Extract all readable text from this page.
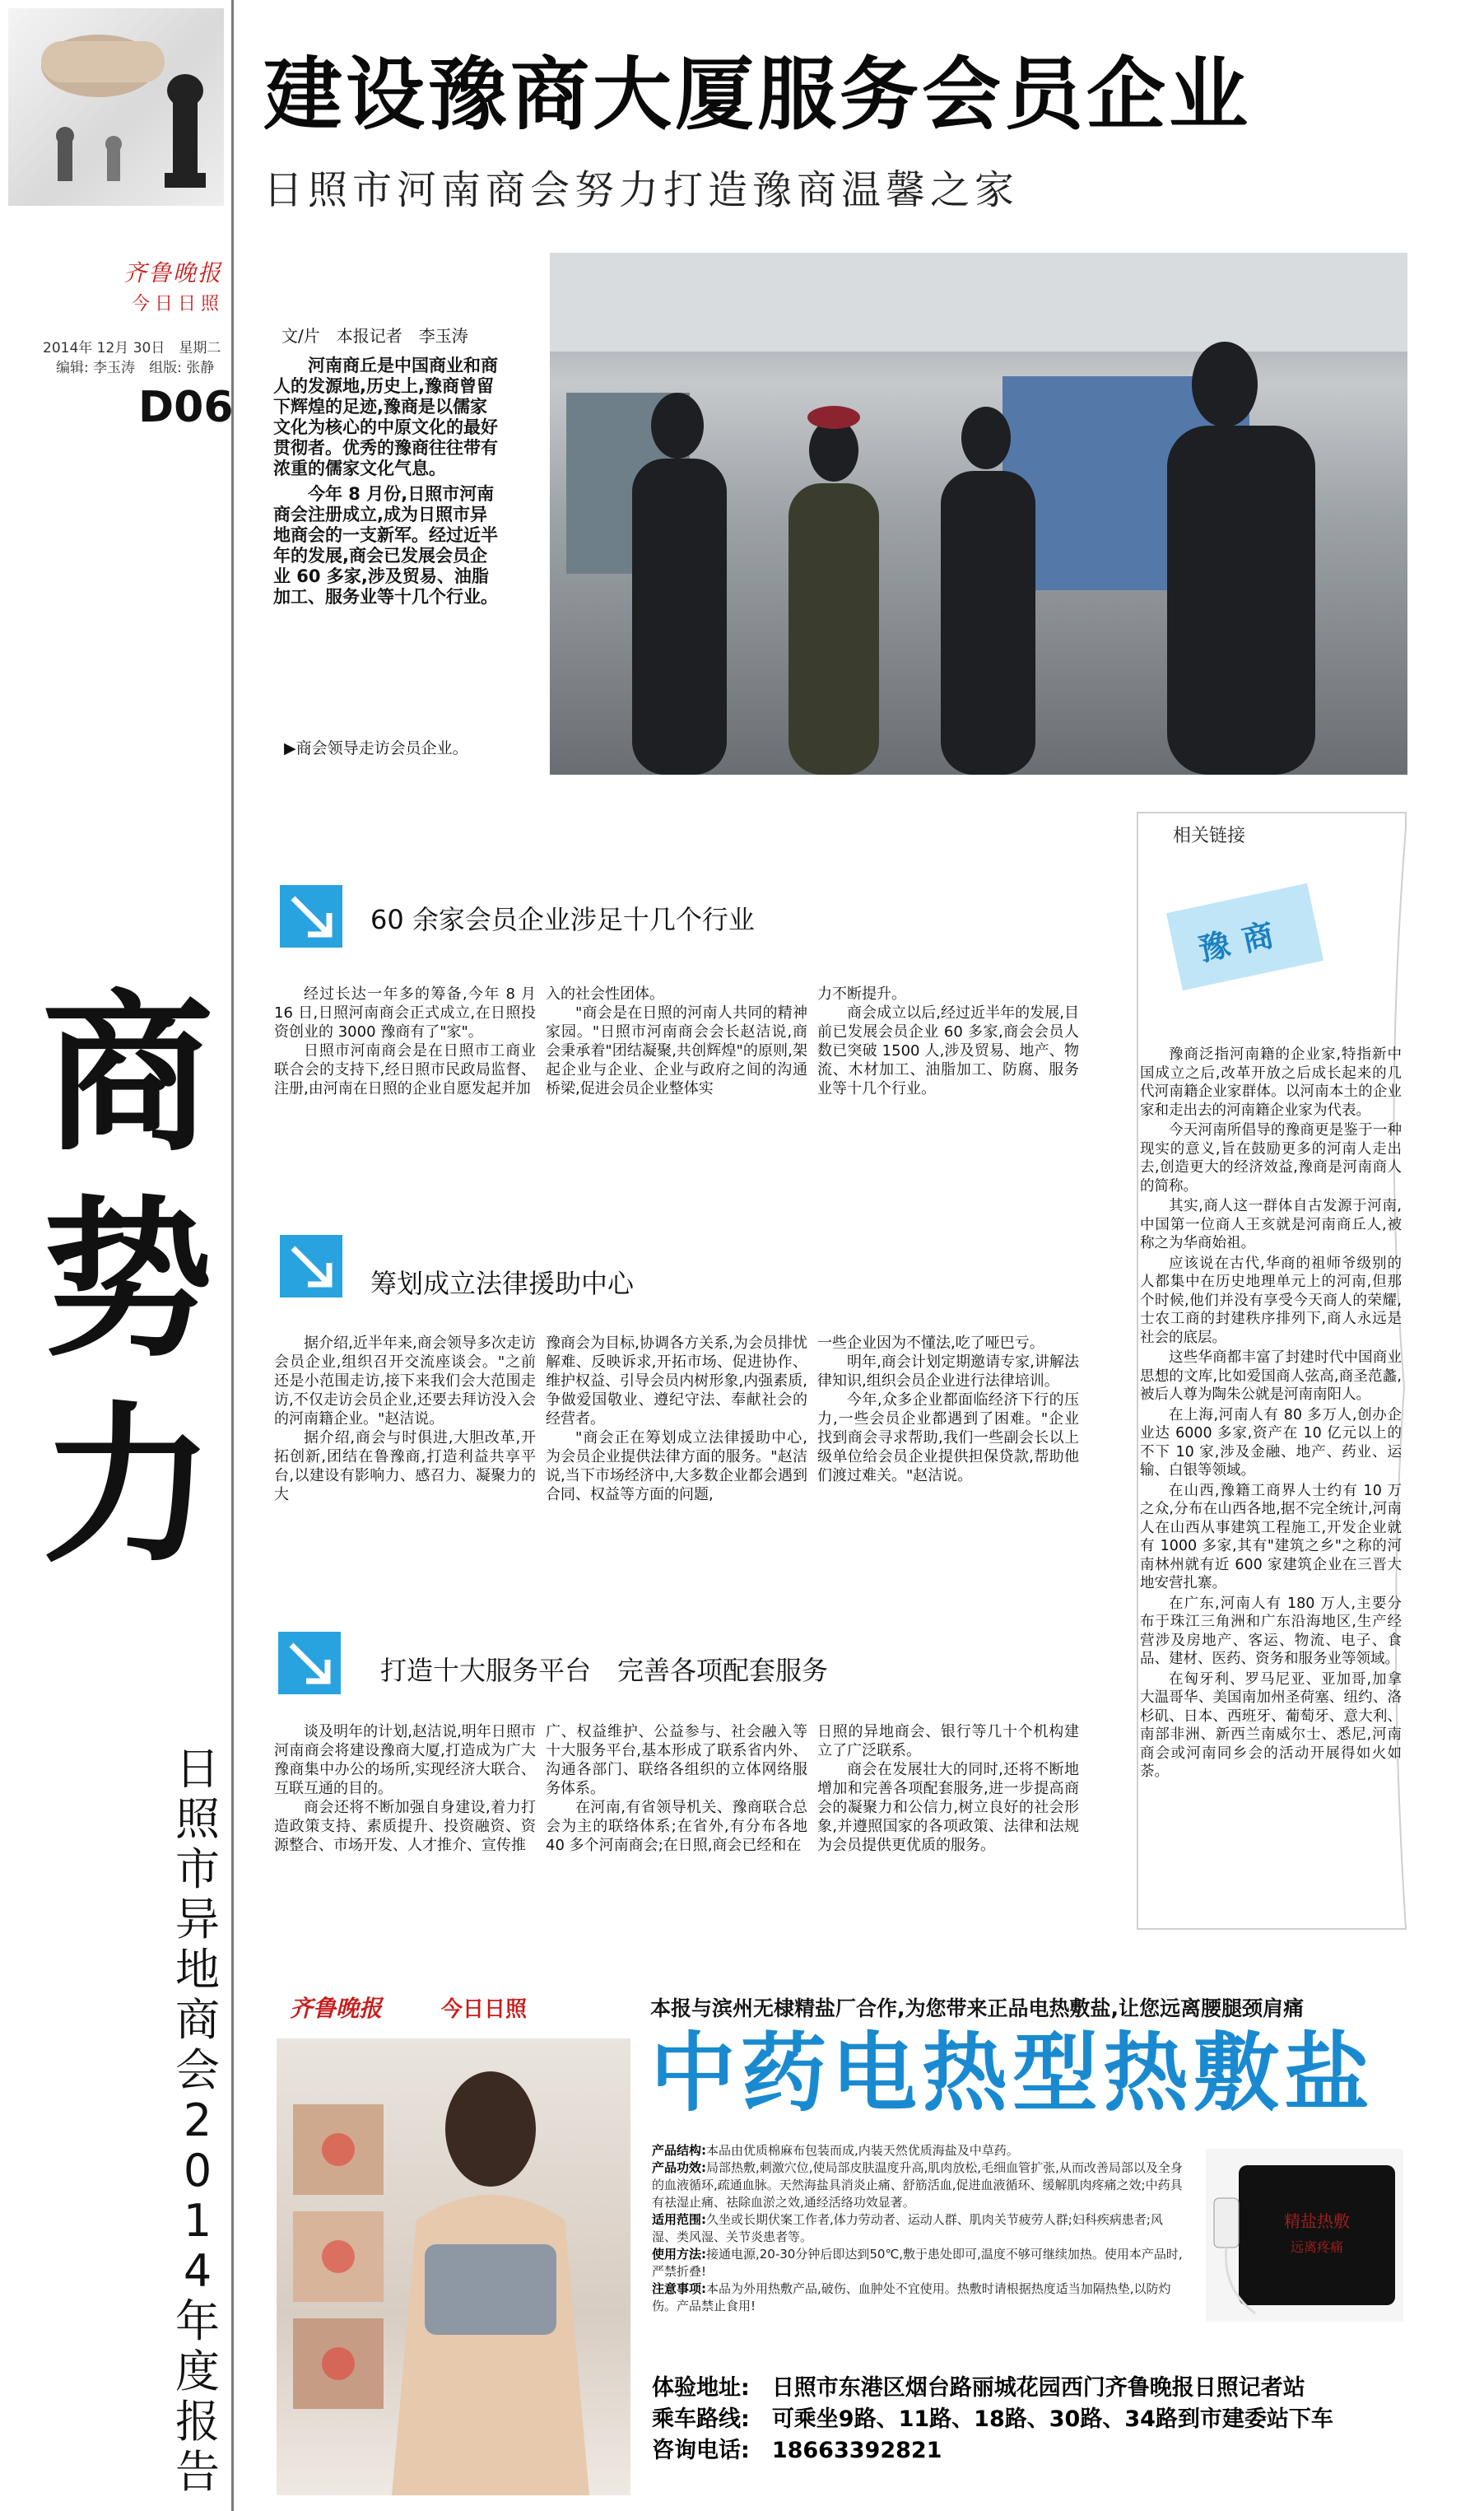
齐鲁晚报
今日日照
2014年 12月 30日　星期二
编辑: 李玉涛　组版: 张静
D06
商势力
日照市异地商会2014年度报告
建设豫商大厦服务会员企业
日照市河南商会努力打造豫商温馨之家
文/片　本报记者　李玉涛

河南商丘是中国商业和商人的发源地,历史上,豫商曾留下辉煌的足迹,豫商是以儒家文化为核心的中原文化的最好贯彻者。优秀的豫商往往带有浓重的儒家文化气息。

今年 8 月份,日照市河南商会注册成立,成为日照市异地商会的一支新军。经过近半年的发展,商会已发展会员企业 60 多家,涉及贸易、油脂加工、服务业等十几个行业。

▶商会领导走访会员企业。
60 余家会员企业涉足十几个行业

经过长达一年多的筹备,今年 8 月 16 日,日照河南商会正式成立,在日照投资创业的 3000 豫商有了"家"。

日照市河南商会是在日照市工商业联合会的支持下,经日照市民政局监督、注册,由河南在日照的企业自愿发起并加

入的社会性团体。

"商会是在日照的河南人共同的精神家园。"日照市河南商会会长赵洁说,商会秉承着"团结凝聚,共创辉煌"的原则,架起企业与企业、企业与政府之间的沟通桥梁,促进会员企业整体实

力不断提升。

商会成立以后,经过近半年的发展,目前已发展会员企业 60 多家,商会会员人数已突破 1500 人,涉及贸易、地产、物流、木材加工、油脂加工、防腐、服务业等十几个行业。

筹划成立法律援助中心

据介绍,近半年来,商会领导多次走访会员企业,组织召开交流座谈会。"之前还是小范围走访,接下来我们会大范围走访,不仅走访会员企业,还要去拜访没入会的河南籍企业。"赵洁说。

据介绍,商会与时俱进,大胆改革,开拓创新,团结在鲁豫商,打造利益共享平台,以建设有影响力、感召力、凝聚力的大

豫商会为目标,协调各方关系,为会员排忧解难、反映诉求,开拓市场、促进协作、维护权益、引导会员内树形象,内强素质,争做爱国敬业、遵纪守法、奉献社会的经营者。

"商会正在筹划成立法律援助中心,为会员企业提供法律方面的服务。"赵洁说,当下市场经济中,大多数企业都会遇到合同、权益等方面的问题,

一些企业因为不懂法,吃了哑巴亏。

明年,商会计划定期邀请专家,讲解法律知识,组织会员企业进行法律培训。

今年,众多企业都面临经济下行的压力,一些会员企业都遇到了困难。"企业找到商会寻求帮助,我们一些副会长以上级单位给会员企业提供担保贷款,帮助他们渡过难关。"赵洁说。

打造十大服务平台　完善各项配套服务

谈及明年的计划,赵洁说,明年日照市河南商会将建设豫商大厦,打造成为广大豫商集中办公的场所,实现经济大联合、互联互通的目的。

商会还将不断加强自身建设,着力打造政策支持、素质提升、投资融资、资源整合、市场开发、人才推介、宣传推

广、权益维护、公益参与、社会融入等十大服务平台,基本形成了联系省内外、沟通各部门、联络各组织的立体网络服务体系。

在河南,有省领导机关、豫商联合总会为主的联络体系;在省外,有分布各地 40 多个河南商会;在日照,商会已经和在

日照的异地商会、银行等几十个机构建立了广泛联系。

商会在发展壮大的同时,还将不断地增加和完善各项配套服务,进一步提高商会的凝聚力和公信力,树立良好的社会形象,并遵照国家的各项政策、法律和法规为会员提供更优质的服务。

相关链接
豫商

豫商泛指河南籍的企业家,特指新中国成立之后,改革开放之后成长起来的几代河南籍企业家群体。以河南本土的企业家和走出去的河南籍企业家为代表。

今天河南所倡导的豫商更是鉴于一种现实的意义,旨在鼓励更多的河南人走出去,创造更大的经济效益,豫商是河南商人的简称。

其实,商人这一群体自古发源于河南,中国第一位商人王亥就是河南商丘人,被称之为华商始祖。

应该说在古代,华商的祖师爷级别的人都集中在历史地理单元上的河南,但那个时候,他们并没有享受今天商人的荣耀,士农工商的封建秩序排列下,商人永远是社会的底层。

这些华商都丰富了封建时代中国商业思想的文库,比如爱国商人弦高,商圣范蠡,被后人尊为陶朱公就是河南南阳人。

在上海,河南人有 80 多万人,创办企业达 6000 多家,资产在 10 亿元以上的不下 10 家,涉及金融、地产、药业、运输、白银等领域。

在山西,豫籍工商界人士约有 10 万之众,分布在山西各地,据不完全统计,河南人在山西从事建筑工程施工,开发企业就有 1000 多家,其有"建筑之乡"之称的河南林州就有近 600 家建筑企业在三晋大地安营扎寨。

在广东,河南人有 180 万人,主要分布于珠江三角洲和广东沿海地区,生产经营涉及房地产、客运、物流、电子、食品、建材、医药、资务和服务业等领域。

在匈牙利、罗马尼亚、亚加哥,加拿大温哥华、美国南加州圣荷塞、纽约、洛杉矶、日本、西班牙、葡萄牙、意大利、南部非洲、新西兰南威尔士、悉尼,河南商会或河南同乡会的活动开展得如火如荼。

齐鲁晚报	今日日照	本报与滨州无棣精盐厂合作,为您带来正品电热敷盐,让您远离腰腿颈肩痛
中药电热型热敷盐
产品结构:本品由优质棉麻布包装而成,内装天然优质海盐及中草药。
产品功效:局部热敷,刺激穴位,使局部皮肤温度升高,肌肉放松,毛细血管扩张,从而改善局部以及全身的血液循环,疏通血脉。天然海盐具消炎止痛、舒筋活血,促进血液循环、缓解肌肉疼痛之效;中药具有祛湿止痛、祛除血淤之效,通经活络功效显著。
适用范围:久坐或长期伏案工作者,体力劳动者、运动人群、肌肉关节疲劳人群;妇科疾病患者;风湿、类风湿、关节炎患者等。
使用方法:接通电源,20-30分钟后即达到50℃,敷于患处即可,温度不够可继续加热。使用本产品时,严禁折叠!
注意事项:本品为外用热敷产品,破伤、血肿处不宜使用。热敷时请根据热度适当加隔热垫,以防灼伤。产品禁止食用!
精盐热敷
远离疼痛
体验地址:　 日照市东港区烟台路丽城花园西门齐鲁晚报日照记者站
乘车路线:　 可乘坐9路、11路、18路、30路、34路到市建委站下车
咨询电话:　 18663392821
